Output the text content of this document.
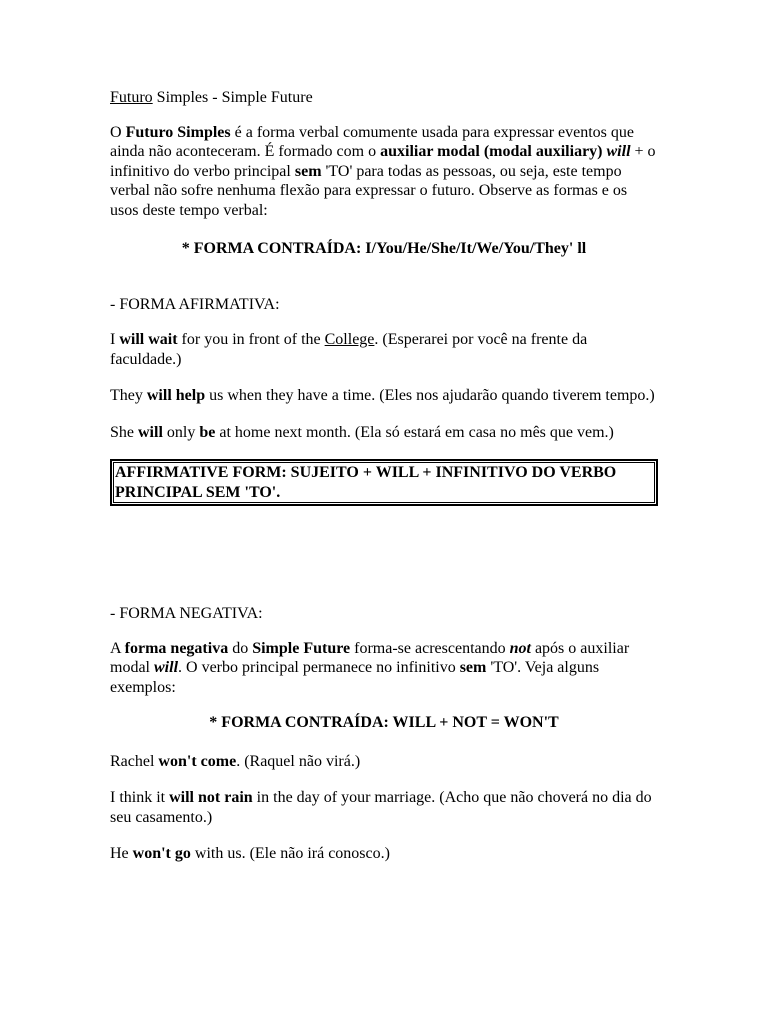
Futuro Simples - Simple Future

O Futuro Simples é a forma verbal comumente usada para expressar eventos que ainda não aconteceram. É formado com o auxiliar modal (modal auxiliary) will + o infinitivo do verbo principal sem 'TO' para todas as pessoas, ou seja, este tempo verbal não sofre nenhuma flexão para expressar o futuro. Observe as formas e os usos deste tempo verbal:

* FORMA CONTRAÍDA: I/You/He/She/It/We/You/They' ll

- FORMA AFIRMATIVA:

I will wait for you in front of the College. (Esperarei por você na frente da faculdade.)

They will help us when they have a time. (Eles nos ajudarão quando tiverem tempo.)

She will only be at home next month. (Ela só estará em casa no mês que vem.)

AFFIRMATIVE FORM: SUJEITO + WILL + INFINITIVO DO VERBO PRINCIPAL SEM 'TO'.

- FORMA NEGATIVA:

A forma negativa do Simple Future forma-se acrescentando not após o auxiliar modal will. O verbo principal permanece no infinitivo sem 'TO'. Veja alguns exemplos:

* FORMA CONTRAÍDA: WILL + NOT = WON'T

Rachel won't come. (Raquel não virá.)

I think it will not rain in the day of your marriage. (Acho que não choverá no dia do seu casamento.)

He won't go with us. (Ele não irá conosco.)
